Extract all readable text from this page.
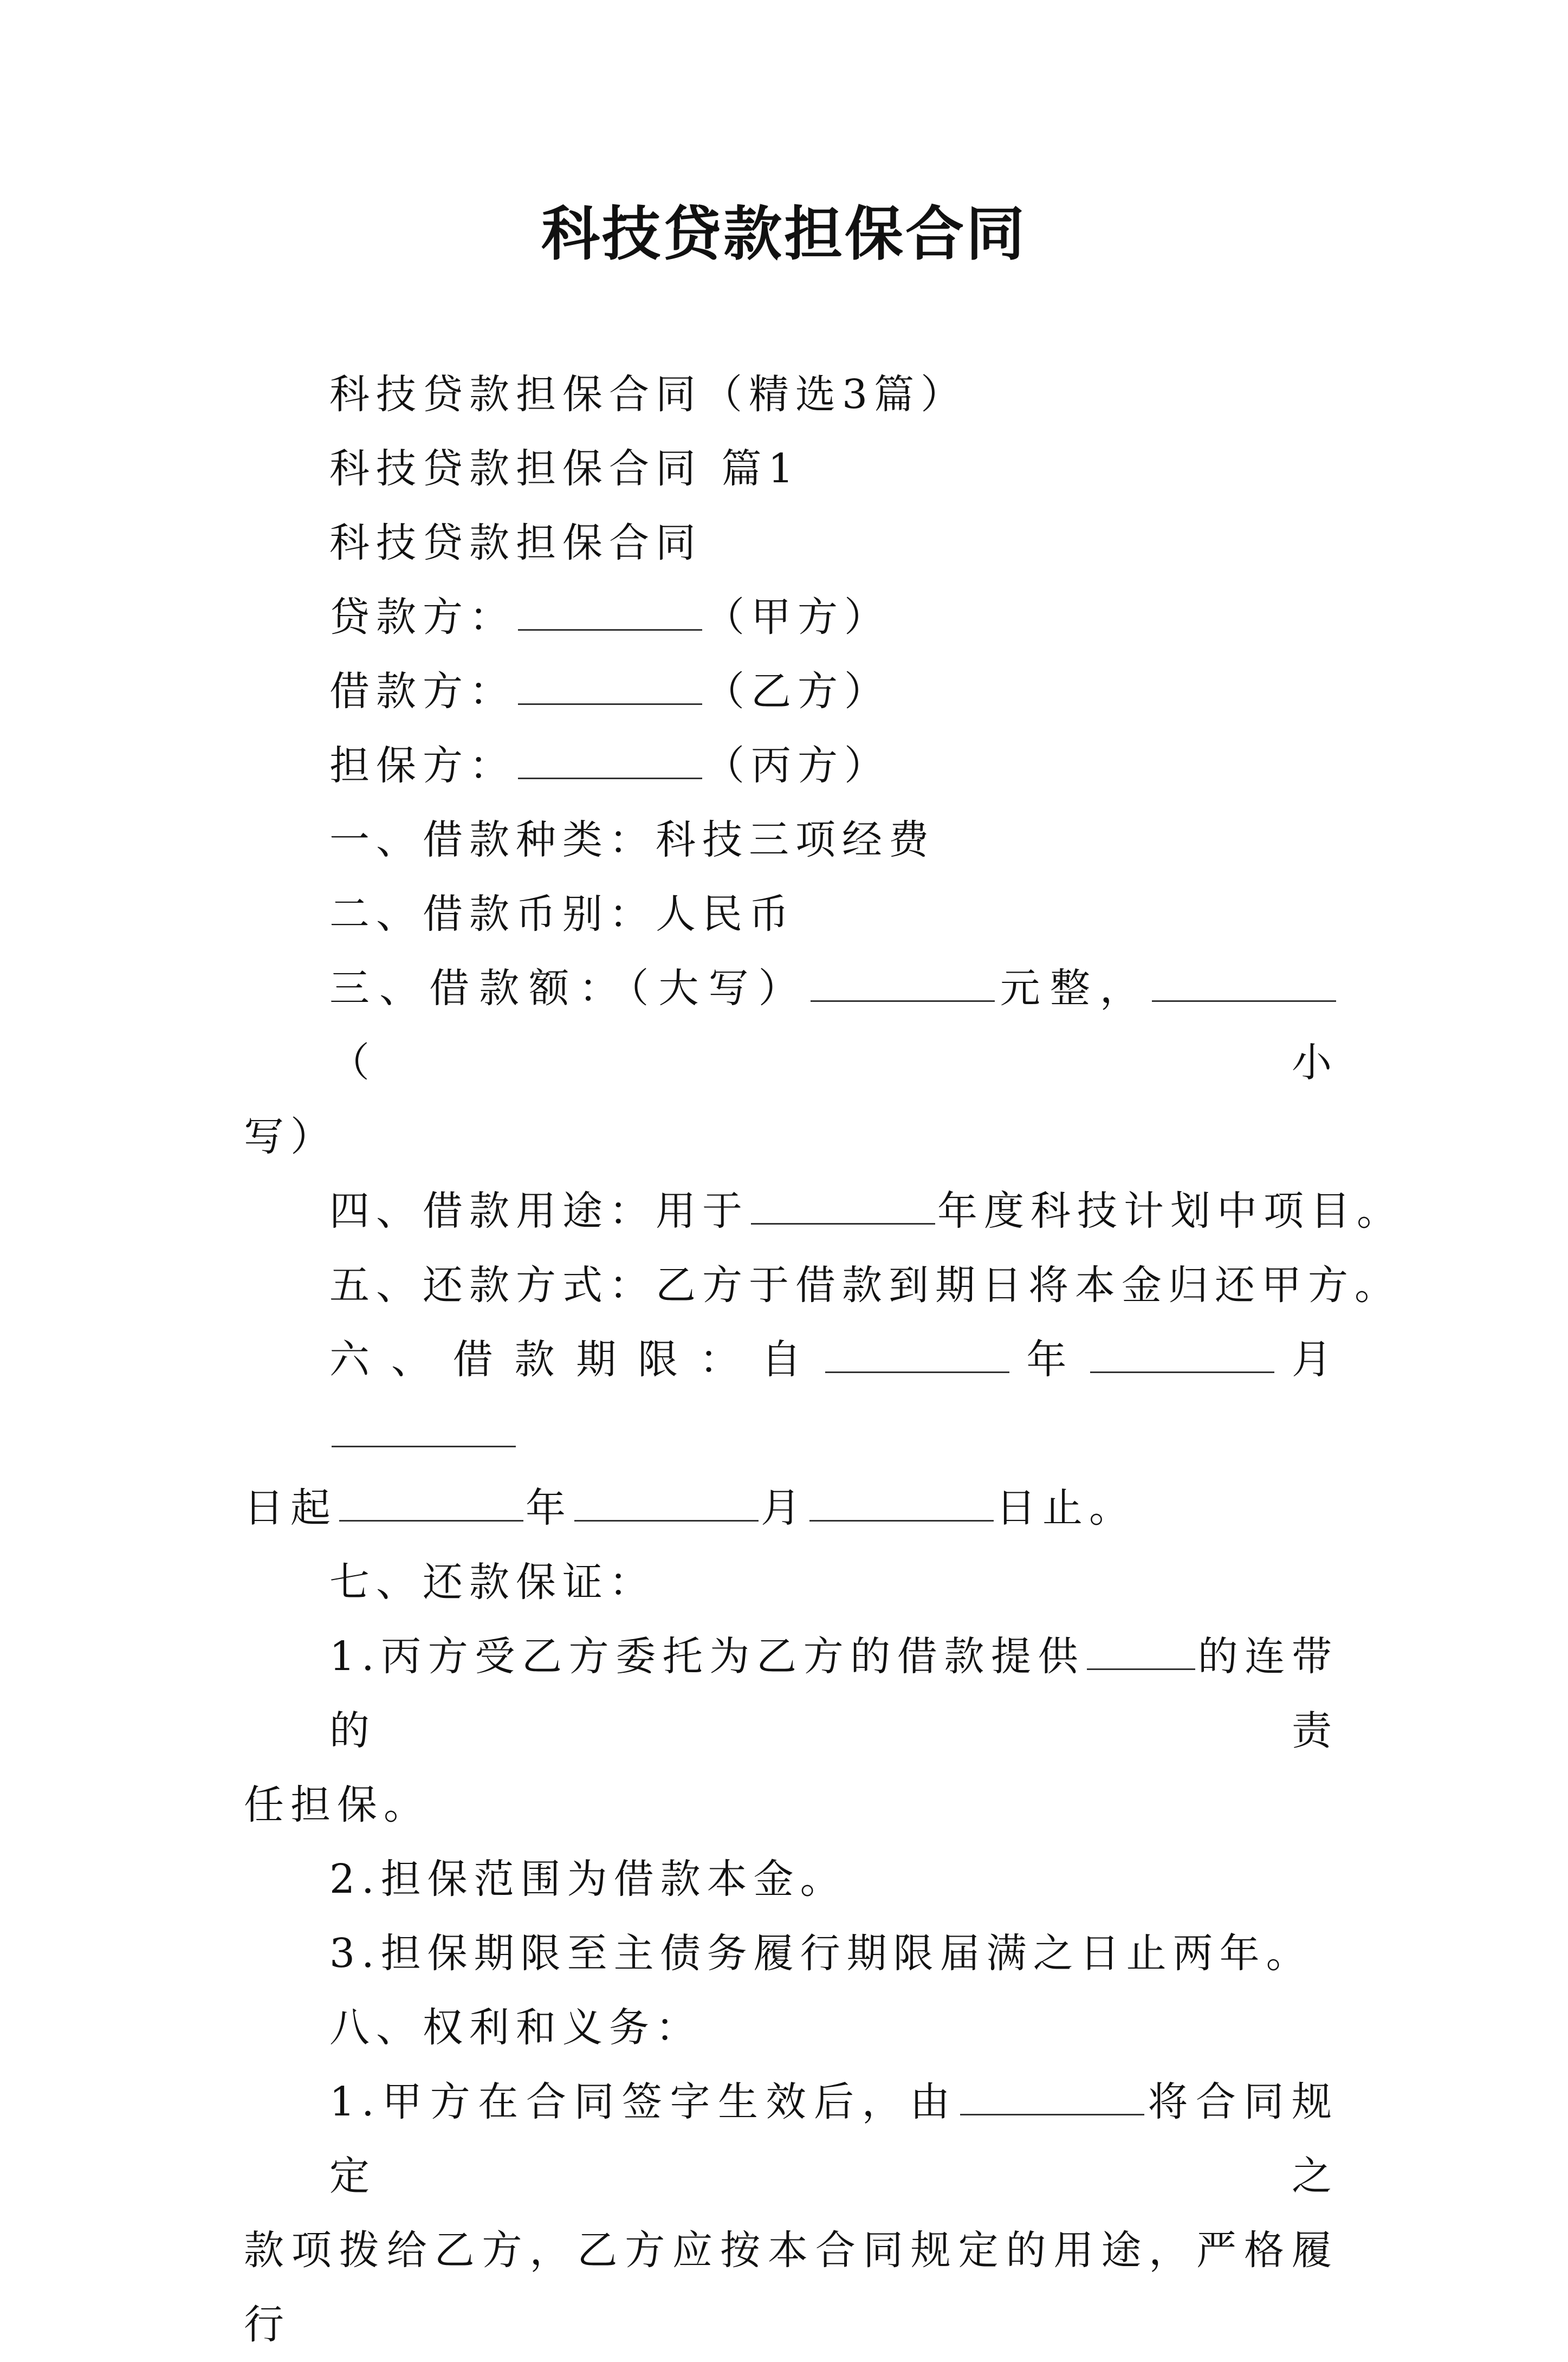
科技贷款担保合同
科技贷款担保合同（精选3篇）
科技贷款担保合同 篇1
科技贷款担保合同
贷款方：	（甲方）
借款方：	（乙方）
担保方：	（丙方）
一、借款种类：科技三项经费
二、借款币别：人民币
三、借款额：（大写）	元整，（小
写）
四、借款用途：用于	年度科技计划中项目。
五、还款方式：乙方于借款到期日将本金归还甲方。
六、借款期限：自	年	月
日起	年	月	日止。
七、还款保证：
1.丙方受乙方委托为乙方的借款提供	的连带的责
任担保。
2.担保范围为借款本金。
3.担保期限至主债务履行期限届满之日止两年。
八、权利和义务：
1.甲方在合同签字生效后，由	将合同规定之
款项拨给乙方，乙方应按本合同规定的用途，严格履行
